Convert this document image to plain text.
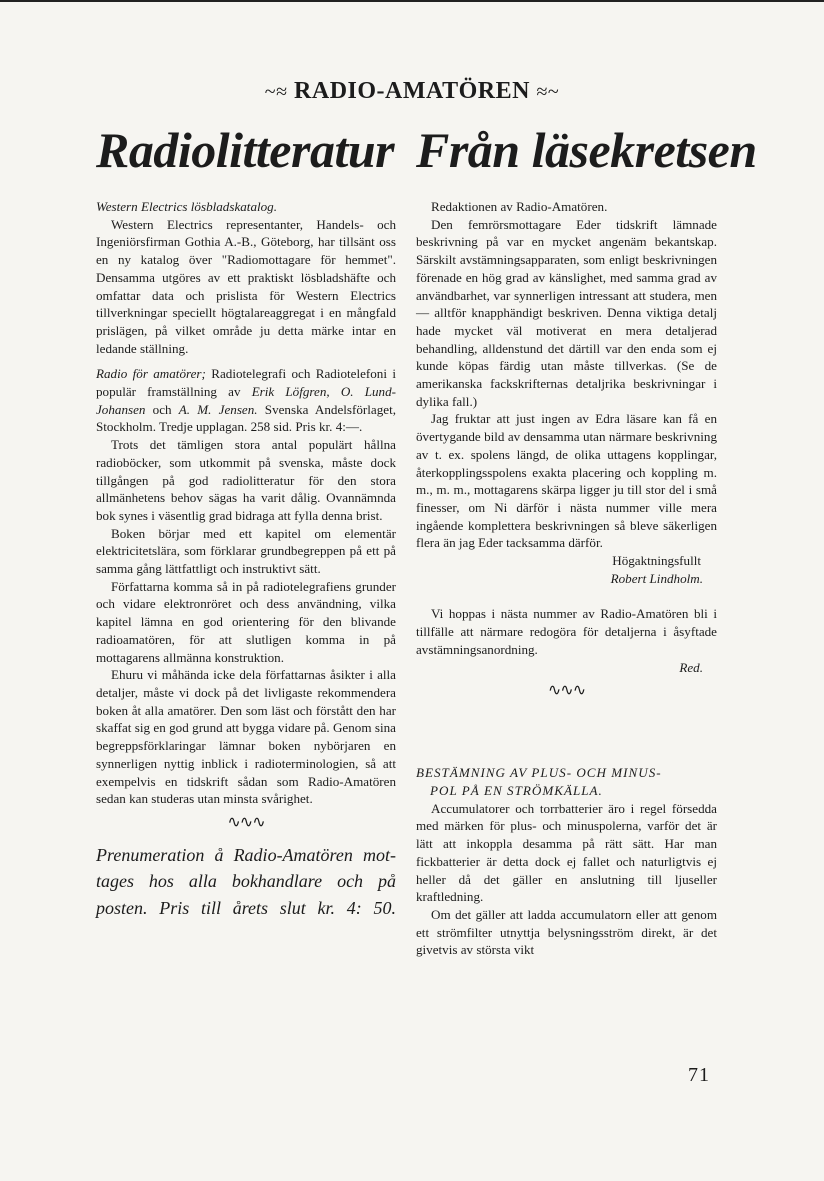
~≈ RADIO-AMATÖREN ≈~
Radiolitteratur

Western Electrics lösbladskatalog.

Western Electrics representanter, Handels- och Ingeniörsfirman Gothia A.-B., Göteborg, har tillsänt oss en ny katalog över "Radiomottagare för hemmet". Densamma utgöres av ett praktiskt lösbladshäfte och omfattar data och prislista för Western Electrics tillverkningar speciellt högtalareaggregat i en mångfald prislägen, på vilket område ju detta märke intar en ledande ställning.

Radio för amatörer; Radiotelegrafi och Radiotelefoni i populär framställning av Erik Löfgren, O. Lund-Johansen och A. M. Jensen. Svenska Andelsförlaget, Stockholm. Tredje upplagan. 258 sid. Pris kr. 4:—.

Trots det tämligen stora antal populärt hållna radioböcker, som utkommit på svenska, måste dock tillgången på god radiolitteratur för den stora allmänhetens behov sägas ha varit dålig. Ovannämnda bok synes i väsentlig grad bidraga att fylla denna brist.

Boken börjar med ett kapitel om elementär elektricitetslära, som förklarar grundbegreppen på ett på samma gång lättfattligt och instruktivt sätt.

Författarna komma så in på radiotelegrafiens grunder och vidare elektronröret och dess användning, vilka kapitel lämna en god orientering för den blivande radioamatören, för att slutligen komma in på mottagarens allmänna konstruktion.

Ehuru vi måhända icke dela författarnas åsikter i alla detaljer, måste vi dock på det livligaste rekommendera boken åt alla amatörer. Den som läst och förstått den har skaffat sig en god grund att bygga vidare på. Genom sina begreppsförklaringar lämnar boken nybörjaren en synnerligen nyttig inblick i radioterminologien, så att exempelvis en tidskrift sådan som Radio-Amatören sedan kan studeras utan minsta svårighet.

∿∿∿
Prenumeration å Radio-Amatören mot-
tages hos alla bokhandlare och på
posten. Pris till årets slut kr. 4: 50.
Från läsekretsen

Redaktionen av Radio-Amatören.

Den femrörsmottagare Eder tidskrift lämnade beskrivning på var en mycket angenäm bekantskap. Särskilt avstämningsapparaten, som enligt beskrivningen förenade en hög grad av känslighet, med samma grad av användbarhet, var synnerligen intressant att studera, men — alltför knapphändigt beskriven. Denna viktiga detalj hade mycket väl motiverat en mera detaljerad behandling, alldenstund det därtill var den enda som ej kunde köpas färdig utan måste tillverkas. (Se de amerikanska fackskrifternas detaljrika beskrivningar i dylika fall.)

Jag fruktar att just ingen av Edra läsare kan få en övertygande bild av densamma utan närmare beskrivning av t. ex. spolens längd, de olika uttagens kopplingar, återkopplingsspolens exakta placering och koppling m. m., m. m., mottagarens skärpa ligger ju till stor del i små finesser, om Ni därför i nästa nummer ville mera ingående komplettera beskrivningen så bleve säkerligen flera än jag Eder tacksamma därför.

Högaktningsfullt

Robert Lindholm.

Vi hoppas i nästa nummer av Radio-Amatören bli i tillfälle att närmare redogöra för detaljerna i åsyftade avstämningsanordning.

Red.

∿∿∿

BESTÄMNING AV PLUS- OCH MINUS-

POL PÅ EN STRÖMKÄLLA.

Accumulatorer och torrbatterier äro i regel försedda med märken för plus- och minuspolerna, varför det är lätt att inkoppla desamma på rätt sätt. Har man fickbatterier är detta dock ej fallet och naturligtvis ej heller då det gäller en anslutning till ljuseller kraftledning.

Om det gäller att ladda accumulatorn eller att genom ett strömfilter utnyttja belysningsström direkt, är det givetvis av största vikt

71
